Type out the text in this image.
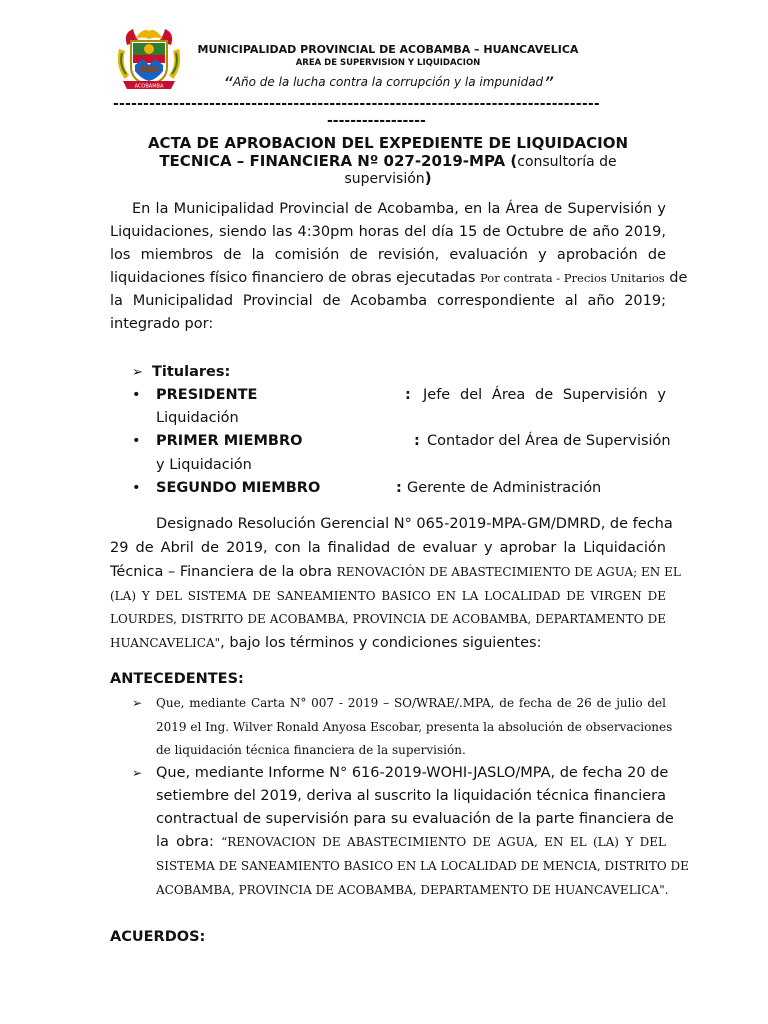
ACOBAMBA
MUNICIPALIDAD PROVINCIAL DE ACOBAMBA – HUANCAVELICA
AREA DE SUPERVISION Y LIQUIDACION
“Año de la lucha contra la corrupción y la impunidad”
---------------------------------------------------------------------------------
-----------------
ACTA DE APROBACION DEL EXPEDIENTE DE LIQUIDACION
TECNICA – FINANCIERA Nº 027-2019-MPA (consultoría de
supervisión)
En la Municipalidad Provincial de Acobamba, en la Área de Supervisión y
Liquidaciones, siendo las 4:30pm horas del día 15 de Octubre de año 2019,
los miembros de la comisión de revisión, evaluación y aprobación de
liquidaciones físico financiero de obras ejecutadas Por contrata - Precios Unitarios de
la Municipalidad Provincial de Acobamba correspondiente al año 2019;
integrado por:
➢ Titulares:
•	PRESIDENTE	: Jefe del Área de Supervisión y
Liquidación
•	PRIMER MIEMBRO	: Contador del Área de Supervisión
y Liquidación
•	SEGUNDO MIEMBRO	: Gerente de Administración
Designado Resolución Gerencial N° 065-2019-MPA-GM/DMRD, de fecha
29 de Abril de 2019, con la finalidad de evaluar y aprobar la Liquidación
Técnica – Financiera de la obra RENOVACIÓN DE ABASTECIMIENTO DE AGUA; EN EL
(LA) Y DEL SISTEMA DE SANEAMIENTO BASICO EN LA LOCALIDAD DE VIRGEN DE
LOURDES, DISTRITO DE ACOBAMBA, PROVINCIA DE ACOBAMBA, DEPARTAMENTO DE
HUANCAVELICA", bajo los términos y condiciones siguientes:
ANTECEDENTES:
➢	Que, mediante Carta N° 007 - 2019 – SO/WRAE/.MPA, de fecha de 26 de julio del
2019 el Ing. Wilver Ronald Anyosa Escobar, presenta la absolución de observaciones
de liquidación técnica financiera de la supervisión.
➢ Que, mediante Informe N° 616-2019-WOHI-JASLO/MPA, de fecha 20 de
setiembre del 2019, deriva al suscrito la liquidación técnica financiera
contractual de supervisión para su evaluación de la parte financiera de
la obra: “RENOVACION DE ABASTECIMIENTO DE AGUA, EN EL (LA) Y DEL
SISTEMA DE SANEAMIENTO BASICO EN LA LOCALIDAD DE MENCIA, DISTRITO DE
ACOBAMBA, PROVINCIA DE ACOBAMBA, DEPARTAMENTO DE HUANCAVELICA".
ACUERDOS:
